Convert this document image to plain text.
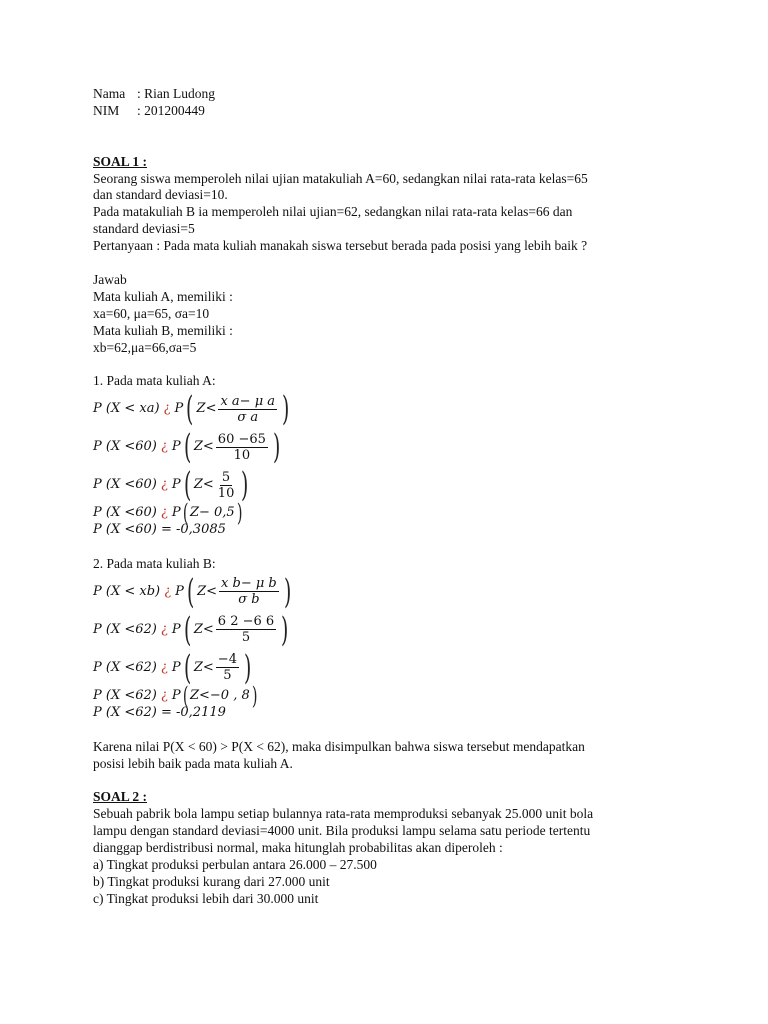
Nama : Rian Ludong
NIM	: 201200449
SOAL 1 :
Seorang siswa memperoleh nilai ujian matakuliah A=60, sedangkan nilai rata-rata kelas=65
dan standard deviasi=10.
Pada matakuliah B ia memperoleh nilai ujian=62, sedangkan nilai rata-rata kelas=66 dan
standard deviasi=5
Pertanyaan : Pada mata kuliah manakah siswa tersebut berada pada posisi yang lebih baik ?
Jawab
Mata kuliah A, memiliki :
xa=60, μa=65, σa=10
Mata kuliah B, memiliki :
xb=62,μa=66,σa=5
1. Pada mata kuliah A:
P (X < xa) ¿ P ( $Z< \frac{\text{x a− μ a}}{\text{σ a}}$ )
P (X <60) ¿ P ( $Z< \frac{60 -65}{10}$ )
P (X <60) ¿ P ( $Z< \frac{5}{10}$ )
P (X <60) ¿ P ( Z− 0,5 )
P (X <60) = -0,3085
2. Pada mata kuliah B:
P (X < xb) ¿ P ( $Z< \frac{\text{x b− μ b}}{\text{σ b}}$ )
P (X <62) ¿ P ( $Z< \frac{6 2 -6 6}{5}$ )
P (X <62) ¿ P ( $Z< \frac{-4}{5}$ )
P (X <62) ¿ P ( Z<−0 , 8 )
P (X <62) = -0,2119
Karena nilai P(X < 60) > P(X < 62), maka disimpulkan bahwa siswa tersebut mendapatkan
posisi lebih baik pada mata kuliah A.
SOAL 2 :
Sebuah pabrik bola lampu setiap bulannya rata-rata memproduksi sebanyak 25.000 unit bola
lampu dengan standard deviasi=4000 unit. Bila produksi lampu selama satu periode tertentu
dianggap berdistribusi normal, maka hitunglah probabilitas akan diperoleh :
a) Tingkat produksi perbulan antara 26.000 – 27.500
b) Tingkat produksi kurang dari 27.000 unit
c) Tingkat produksi lebih dari 30.000 unit
